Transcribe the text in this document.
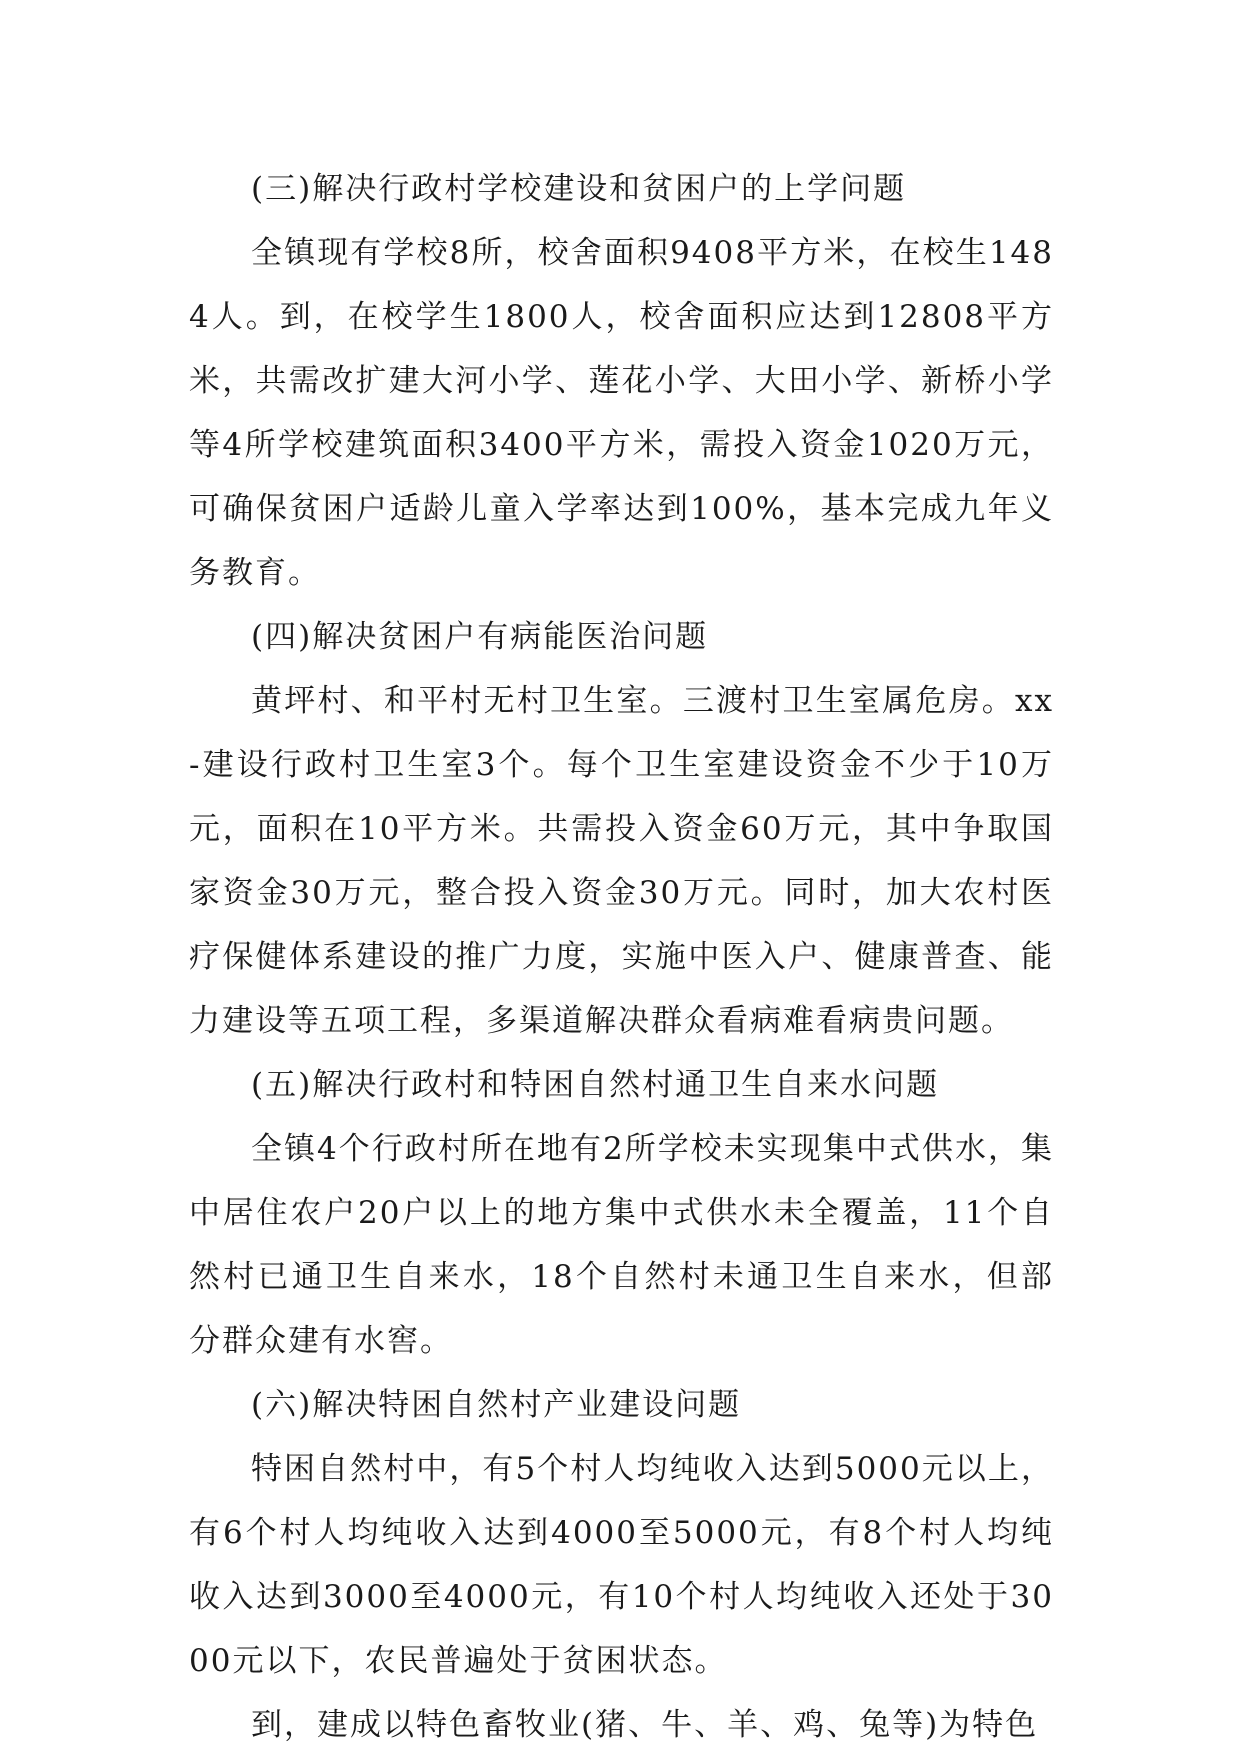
(三)解决行政村学校建设和贫困户的上学问题

全镇现有学校8所，校舍面积9408平方米，在校生1484人。到，在校学生1800人，校舍面积应达到12808平方米，共需改扩建大河小学、莲花小学、大田小学、新桥小学等4所学校建筑面积3400平方米，需投入资金1020万元，可确保贫困户适龄儿童入学率达到100%，基本完成九年义务教育。

(四)解决贫困户有病能医治问题

黄坪村、和平村无村卫生室。三渡村卫生室属危房。xx-建设行政村卫生室3个。每个卫生室建设资金不少于10万元，面积在10平方米。共需投入资金60万元，其中争取国家资金30万元，整合投入资金30万元。同时，加大农村医疗保健体系建设的推广力度，实施中医入户、健康普查、能力建设等五项工程，多渠道解决群众看病难看病贵问题。

(五)解决行政村和特困自然村通卫生自来水问题

全镇4个行政村所在地有2所学校未实现集中式供水，集中居住农户20户以上的地方集中式供水未全覆盖，11个自然村已通卫生自来水，18个自然村未通卫生自来水，但部分群众建有水窖。

(六)解决特困自然村产业建设问题

特困自然村中，有5个村人均纯收入达到5000元以上，有6个村人均纯收入达到4000至5000元，有8个村人均纯收入达到3000至4000元，有10个村人均纯收入还处于3000元以下，农民普遍处于贫困状态。

到，建成以特色畜牧业(猪、牛、羊、鸡、兔等)为特色
